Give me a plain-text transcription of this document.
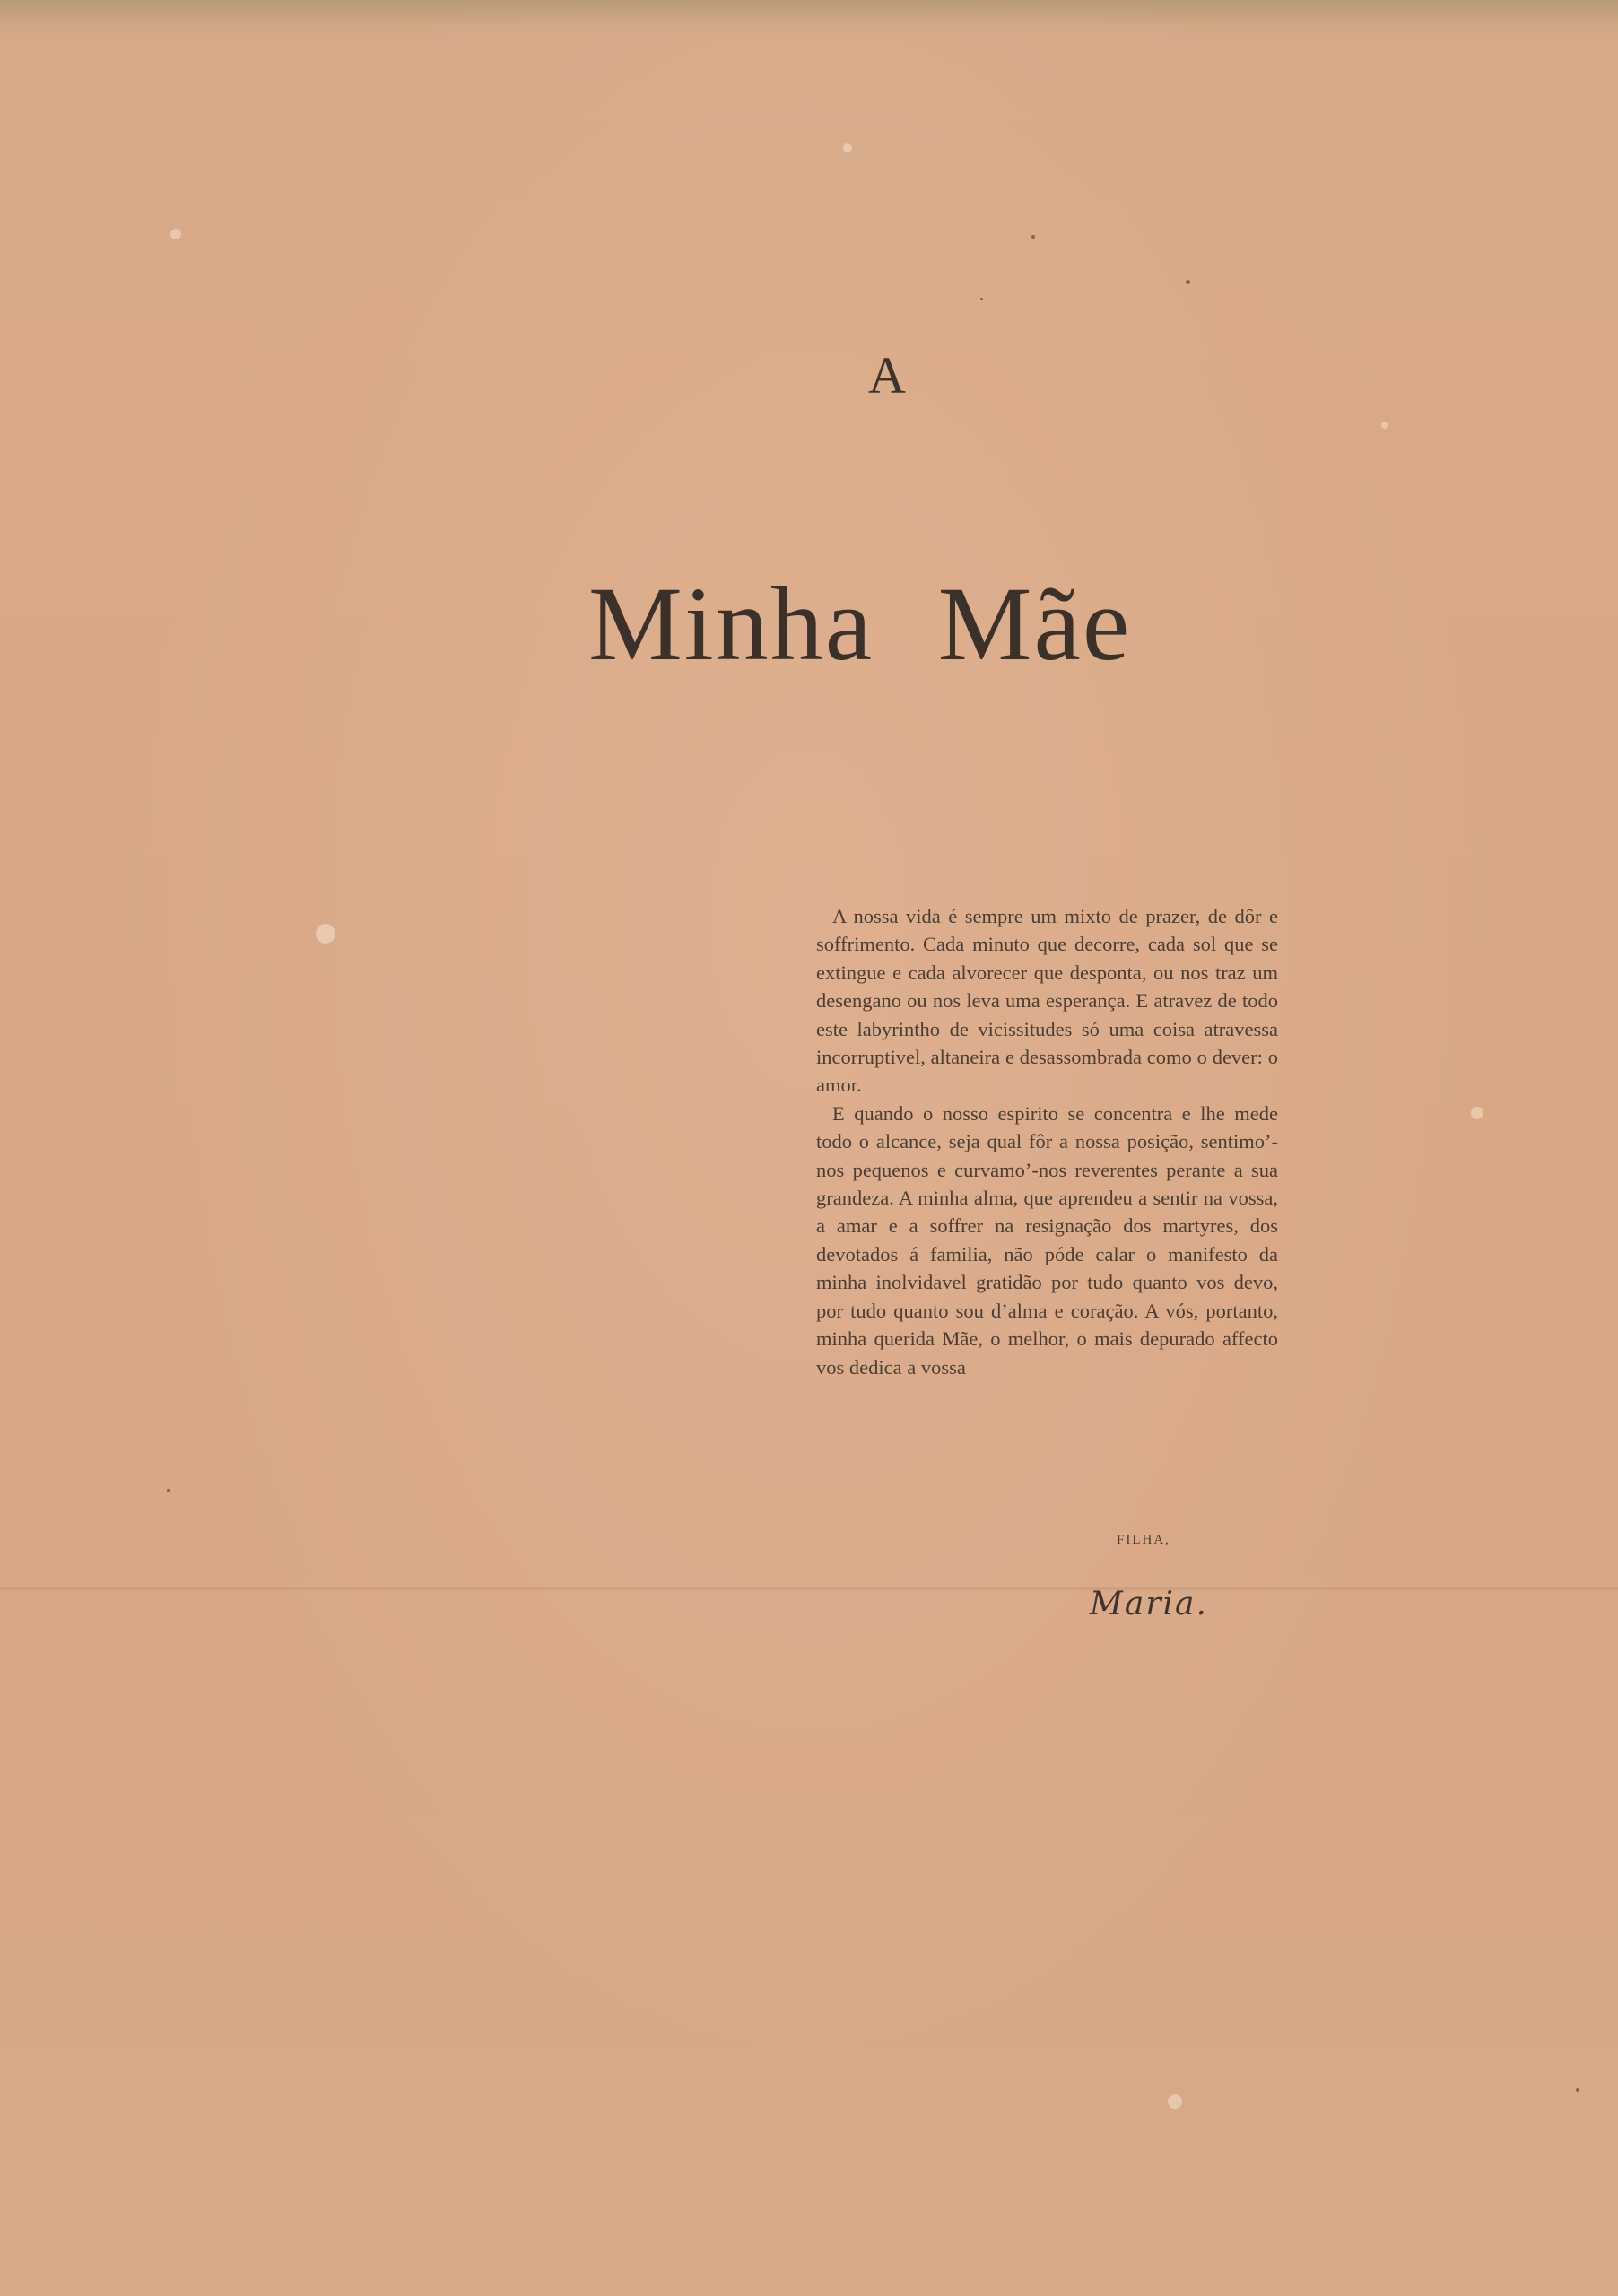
A
Minha Mãe

A nossa vida é sempre um mixto de prazer, de dôr e soffrimento. Cada minuto que decorre, cada sol que se extingue e cada alvorecer que desponta, ou nos traz um desengano ou nos leva uma esperança. E atravez de todo este labyrintho de vicissitudes só uma coisa atravessa incorruptivel, altaneira e desassombrada como o dever: o amor.

E quando o nosso espirito se concentra e lhe mede todo o alcance, seja qual fôr a nossa posição, sentimo’-nos pequenos e curvamo’-nos reverentes perante a sua grandeza. A minha alma, que aprendeu a sentir na vossa, a amar e a soffrer na resignação dos martyres, dos devotados á familia, não póde calar o manifesto da minha inolvidavel gratidão por tudo quanto vos devo, por tudo quanto sou d’alma e coração. A vós, portanto, minha querida Mãe, o melhor, o mais depurado affecto vos dedica a vossa

FILHA,
Maria.
